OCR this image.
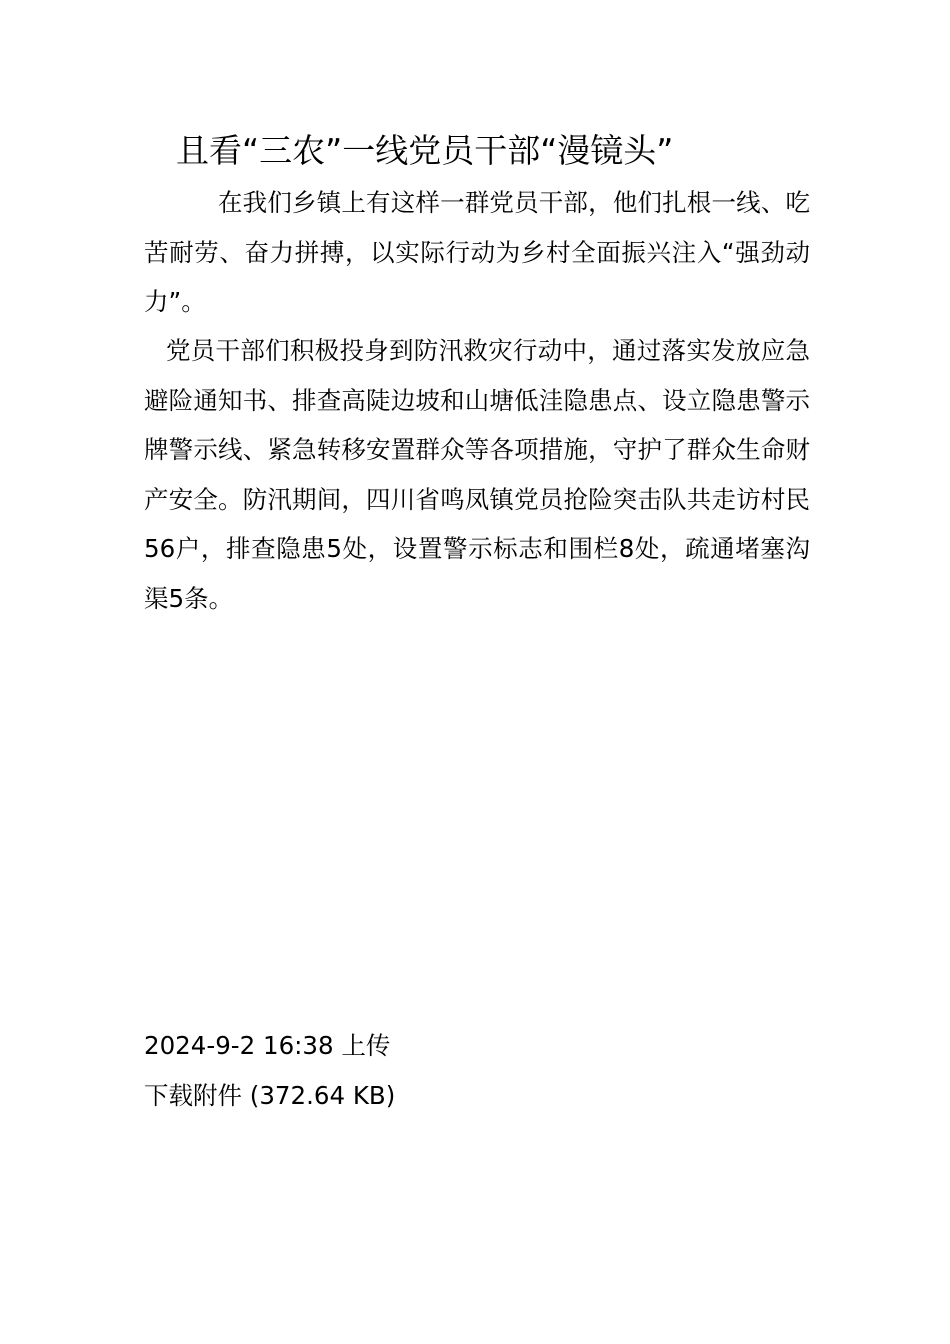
且看“三农”一线党员干部“漫镜头”

在我们乡镇上有这样一群党员干部，他们扎根一线、吃苦耐劳、奋力拼搏，以实际行动为乡村全面振兴注入“强劲动力”。

党员干部们积极投身到防汛救灾行动中，通过落实发放应急避险通知书、排查高陡边坡和山塘低洼隐患点、设立隐患警示牌警示线、紧急转移安置群众等各项措施，守护了群众生命财产安全。防汛期间，四川省鸣凤镇党员抢险突击队共走访村民56户，排查隐患5处，设置警示标志和围栏8处，疏通堵塞沟渠5条。

2024-9-2 16:38 上传
下载附件 (372.64 KB)
